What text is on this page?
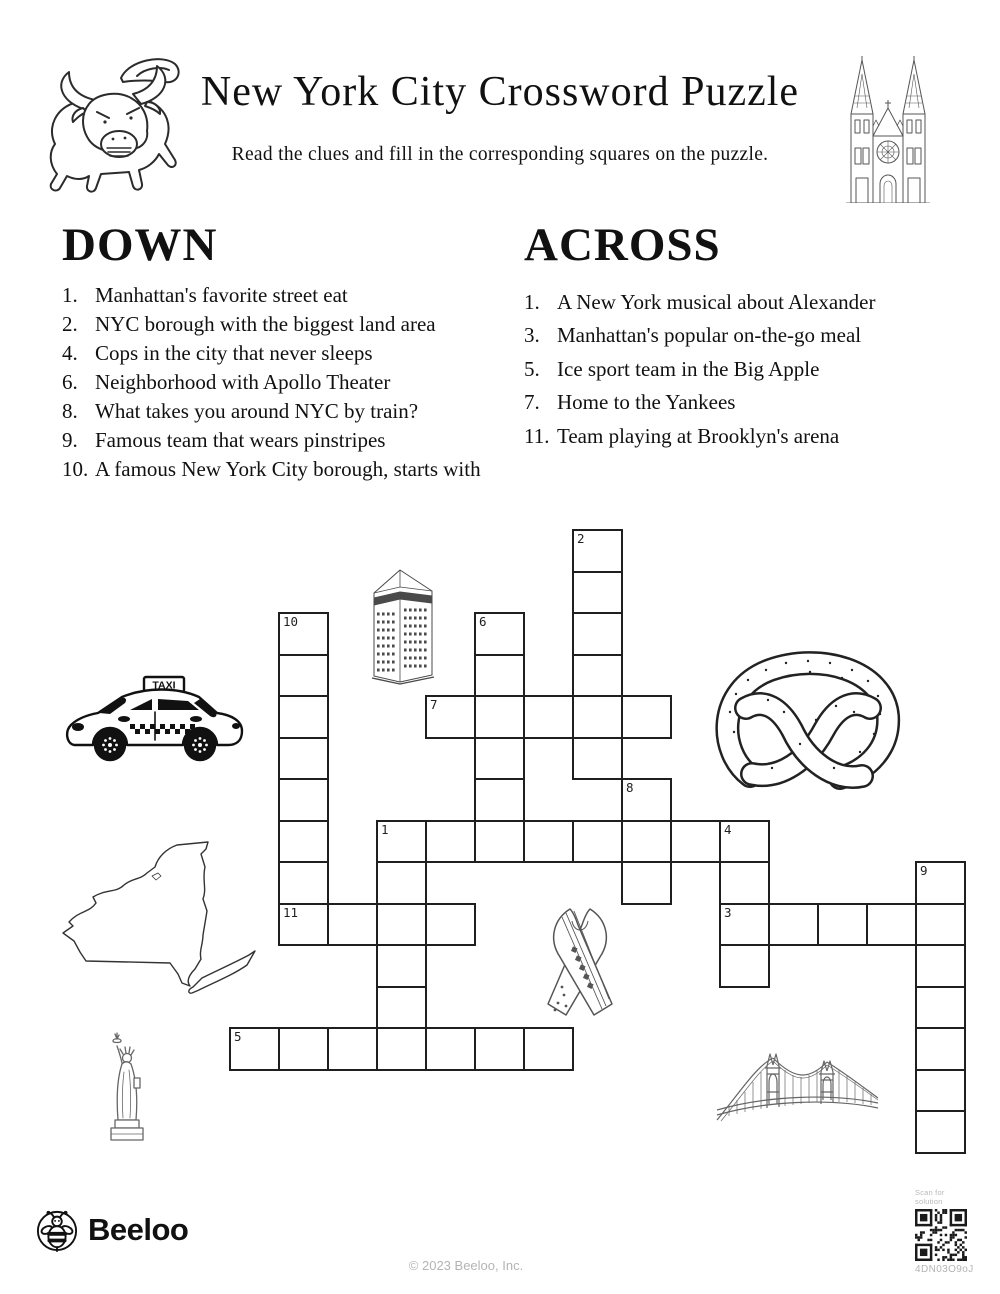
New York City Crossword Puzzle
Read the clues and fill in the corresponding squares on the puzzle.
DOWN
1. Manhattan's favorite street eat
2. NYC borough with the biggest land area
4. Cops in the city that never sleeps
6. Neighborhood with Apollo Theater
8. What takes you around NYC by train?
9. Famous team that wears pinstripes
10. A famous New York City borough, starts with
ACROSS
1. A New York musical about Alexander
3. Manhattan's popular on-the-go meal
5. Ice sport team in the Big Apple
7. Home to the Yankees
11. Team playing at Brooklyn's arena
TAXI
1	4
3
5
7
11
2
6
8
9
10
Beeloo
© 2023 Beeloo, Inc.
Scan for solution
4DN03O9oJ
